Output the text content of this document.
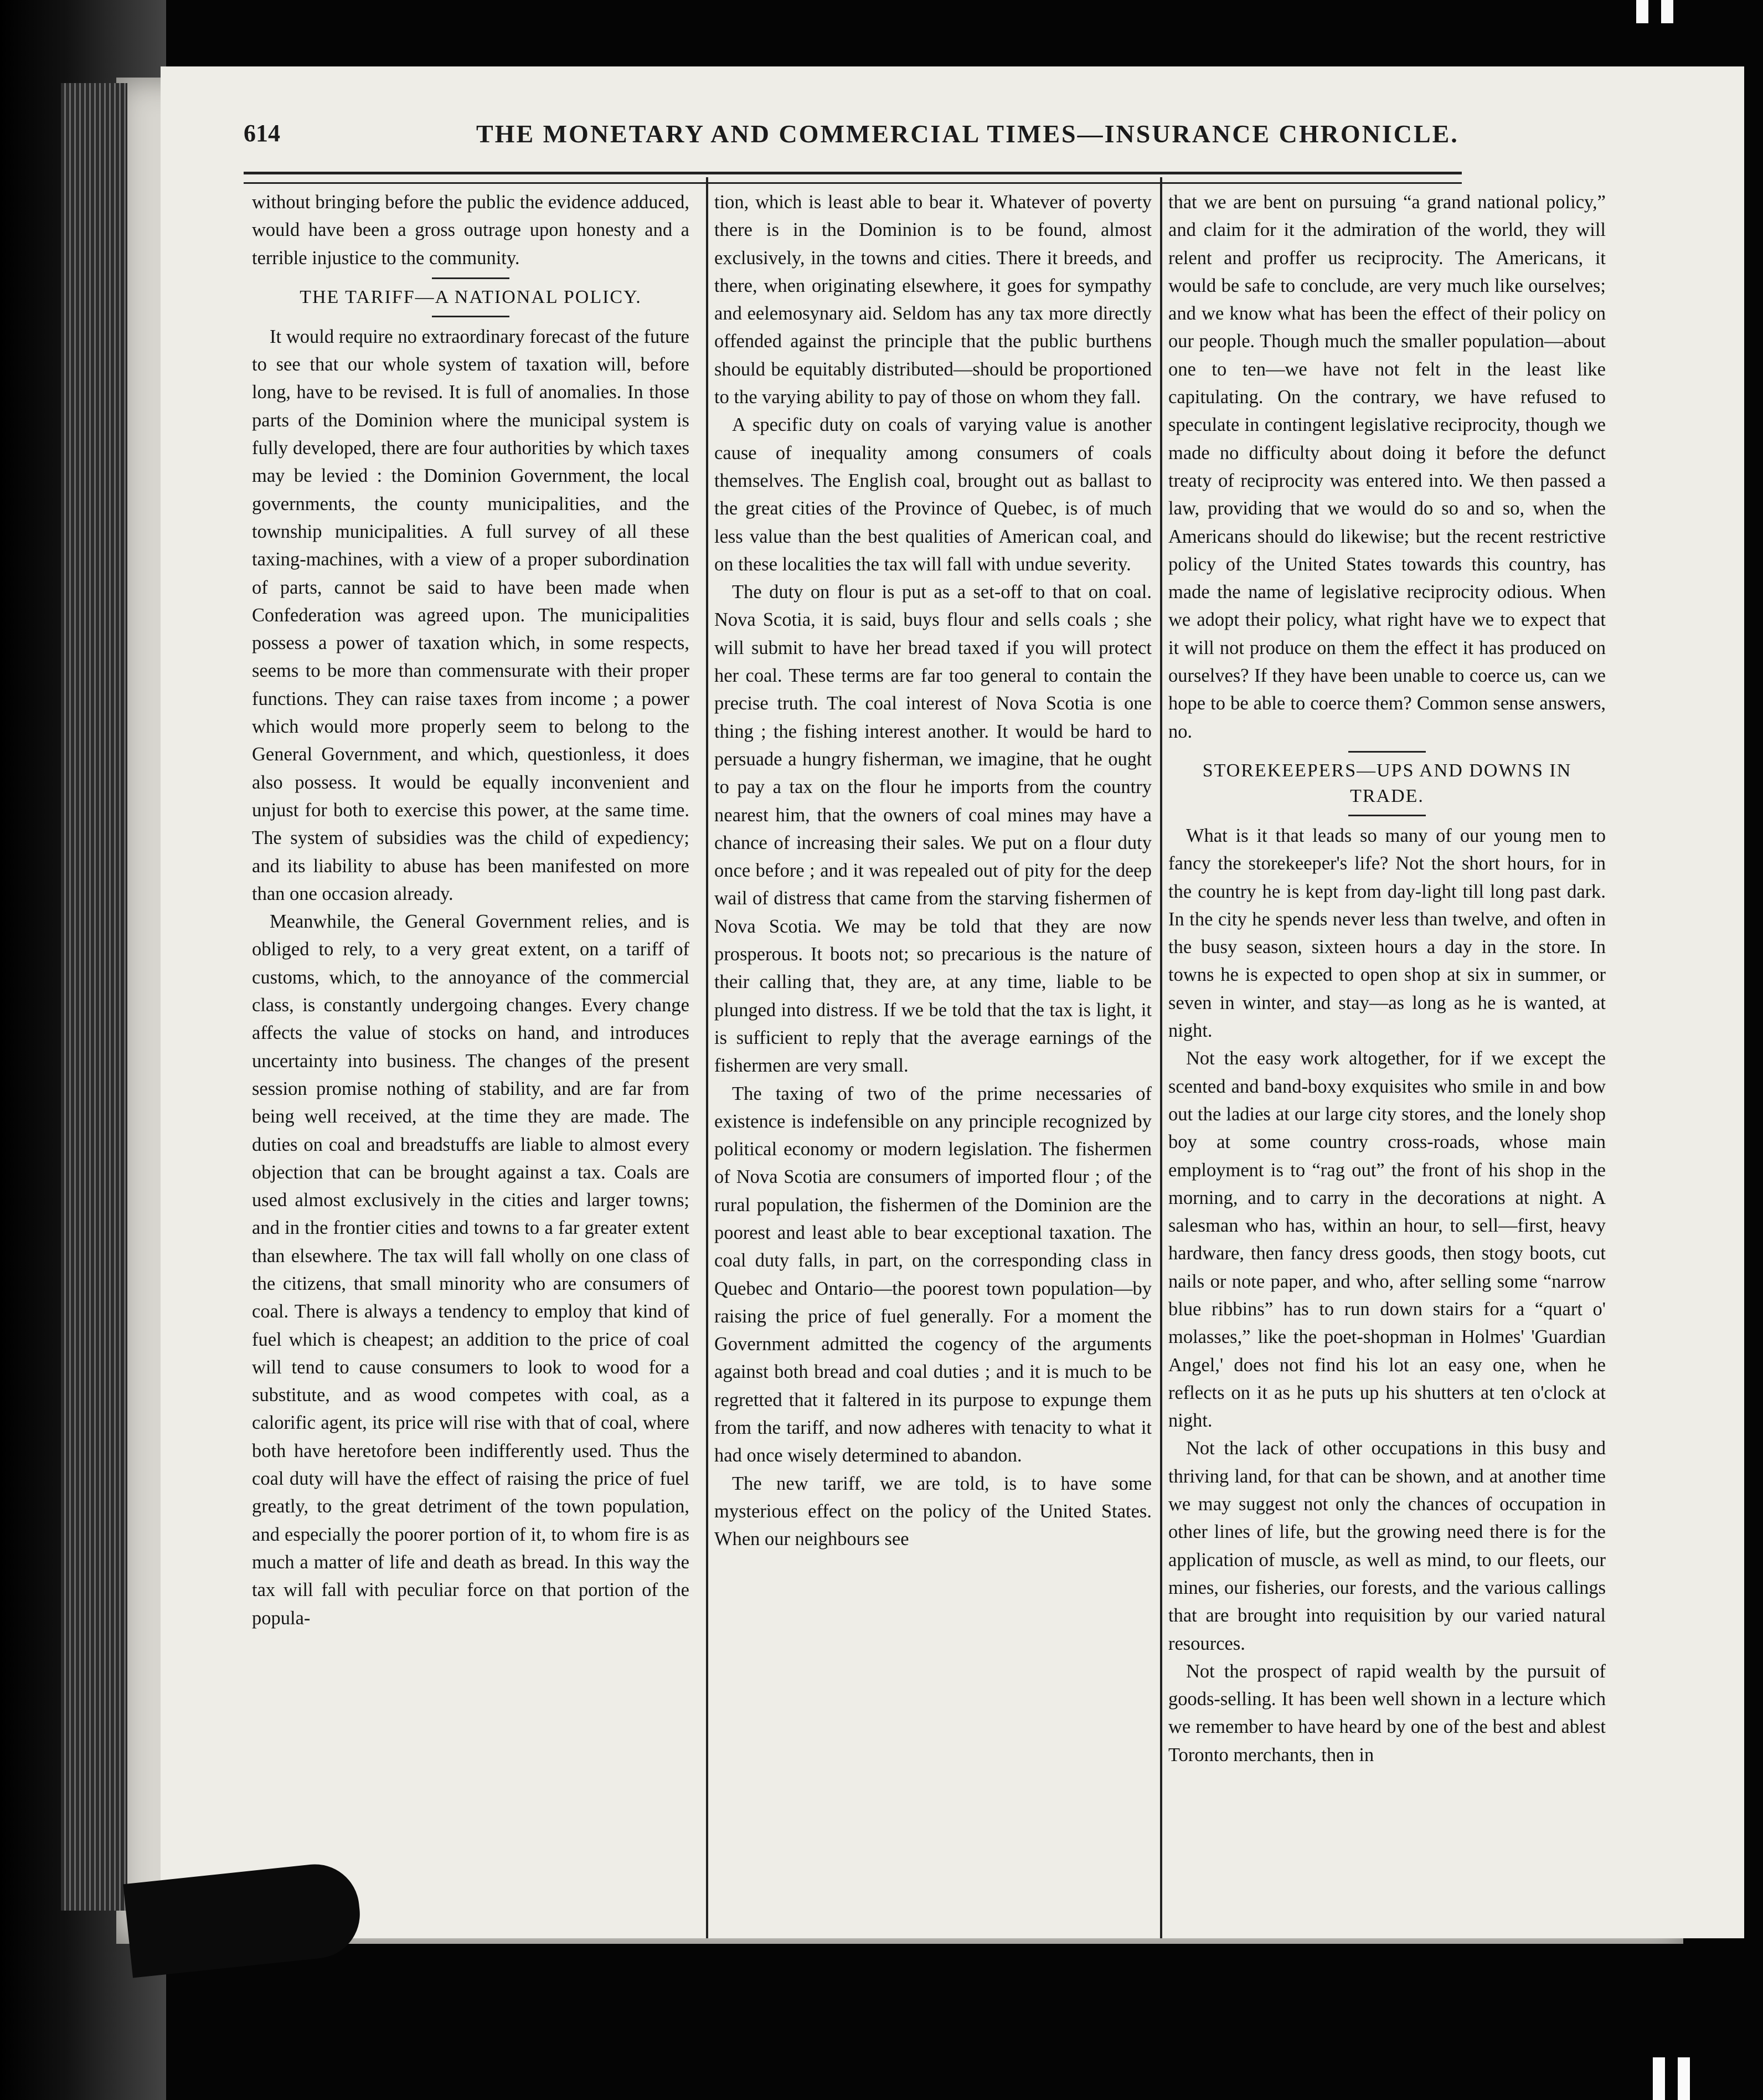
614	THE MONETARY AND COMMERCIAL TIMES—INSURANCE CHRONICLE.

without bringing before the public the evidence adduced, would have been a gross outrage upon honesty and a terrible injustice to the community.

THE TARIFF—A NATIONAL POLICY.

It would require no extraordinary forecast of the future to see that our whole system of taxation will, before long, have to be revised. It is full of anomalies. In those parts of the Dominion where the municipal system is fully developed, there are four authorities by which taxes may be levied : the Dominion Government, the local governments, the county municipalities, and the township municipalities. A full survey of all these taxing-machines, with a view of a proper subordination of parts, cannot be said to have been made when Confederation was agreed upon. The municipalities possess a power of taxation which, in some respects, seems to be more than commensurate with their proper functions. They can raise taxes from income ; a power which would more properly seem to belong to the General Government, and which, questionless, it does also possess. It would be equally inconvenient and unjust for both to exercise this power, at the same time. The system of subsidies was the child of expediency; and its liability to abuse has been manifested on more than one occasion already.

Meanwhile, the General Government relies, and is obliged to rely, to a very great extent, on a tariff of customs, which, to the annoyance of the commercial class, is constantly undergoing changes. Every change affects the value of stocks on hand, and introduces uncertainty into business. The changes of the present session promise nothing of stability, and are far from being well received, at the time they are made. The duties on coal and breadstuffs are liable to almost every objection that can be brought against a tax. Coals are used almost exclusively in the cities and larger towns; and in the frontier cities and towns to a far greater extent than elsewhere. The tax will fall wholly on one class of the citizens, that small minority who are consumers of coal. There is always a tendency to employ that kind of fuel which is cheapest; an addition to the price of coal will tend to cause consumers to look to wood for a substitute, and as wood competes with coal, as a calorific agent, its price will rise with that of coal, where both have heretofore been indifferently used. Thus the coal duty will have the effect of raising the price of fuel greatly, to the great detriment of the town population, and especially the poorer portion of it, to whom fire is as much a matter of life and death as bread. In this way the tax will fall with peculiar force on that portion of the popula-

tion, which is least able to bear it. Whatever of poverty there is in the Dominion is to be found, almost exclusively, in the towns and cities. There it breeds, and there, when originating elsewhere, it goes for sympathy and eelemosynary aid. Seldom has any tax more directly offended against the principle that the public burthens should be equitably distributed—should be proportioned to the varying ability to pay of those on whom they fall.

A specific duty on coals of varying value is another cause of inequality among consumers of coals themselves. The English coal, brought out as ballast to the great cities of the Province of Quebec, is of much less value than the best qualities of American coal, and on these localities the tax will fall with undue severity.

The duty on flour is put as a set-off to that on coal. Nova Scotia, it is said, buys flour and sells coals ; she will submit to have her bread taxed if you will protect her coal. These terms are far too general to contain the precise truth. The coal interest of Nova Scotia is one thing ; the fishing interest another. It would be hard to persuade a hungry fisherman, we imagine, that he ought to pay a tax on the flour he imports from the country nearest him, that the owners of coal mines may have a chance of increasing their sales. We put on a flour duty once before ; and it was repealed out of pity for the deep wail of distress that came from the starving fishermen of Nova Scotia. We may be told that they are now prosperous. It boots not; so precarious is the nature of their calling that, they are, at any time, liable to be plunged into distress. If we be told that the tax is light, it is sufficient to reply that the average earnings of the fishermen are very small.

The taxing of two of the prime necessaries of existence is indefensible on any principle recognized by political economy or modern legislation. The fishermen of Nova Scotia are consumers of imported flour ; of the rural population, the fishermen of the Dominion are the poorest and least able to bear exceptional taxation. The coal duty falls, in part, on the corresponding class in Quebec and Ontario—the poorest town population—by raising the price of fuel generally. For a moment the Government admitted the cogency of the arguments against both bread and coal duties ; and it is much to be regretted that it faltered in its purpose to expunge them from the tariff, and now adheres with tenacity to what it had once wisely determined to abandon.

The new tariff, we are told, is to have some mysterious effect on the policy of the United States. When our neighbours see

that we are bent on pursuing “a grand national policy,” and claim for it the admiration of the world, they will relent and proffer us reciprocity. The Americans, it would be safe to conclude, are very much like ourselves; and we know what has been the effect of their policy on our people. Though much the smaller population—about one to ten—we have not felt in the least like capitulating. On the contrary, we have refused to speculate in contingent legislative reciprocity, though we made no difficulty about doing it before the defunct treaty of reciprocity was entered into. We then passed a law, providing that we would do so and so, when the Americans should do likewise; but the recent restrictive policy of the United States towards this country, has made the name of legislative reciprocity odious. When we adopt their policy, what right have we to expect that it will not produce on them the effect it has produced on ourselves? If they have been unable to coerce us, can we hope to be able to coerce them? Common sense answers, no.

STOREKEEPERS—UPS AND DOWNS IN TRADE.

What is it that leads so many of our young men to fancy the storekeeper's life? Not the short hours, for in the country he is kept from day-light till long past dark. In the city he spends never less than twelve, and often in the busy season, sixteen hours a day in the store. In towns he is expected to open shop at six in summer, or seven in winter, and stay—as long as he is wanted, at night.

Not the easy work altogether, for if we except the scented and band-boxy exquisites who smile in and bow out the ladies at our large city stores, and the lonely shop boy at some country cross-roads, whose main employment is to “rag out” the front of his shop in the morning, and to carry in the decorations at night. A salesman who has, within an hour, to sell—first, heavy hardware, then fancy dress goods, then stogy boots, cut nails or note paper, and who, after selling some “narrow blue ribbins” has to run down stairs for a “quart o' molasses,” like the poet-shopman in Holmes' 'Guardian Angel,' does not find his lot an easy one, when he reflects on it as he puts up his shutters at ten o'clock at night.

Not the lack of other occupations in this busy and thriving land, for that can be shown, and at another time we may suggest not only the chances of occupation in other lines of life, but the growing need there is for the application of muscle, as well as mind, to our fleets, our mines, our fisheries, our forests, and the various callings that are brought into requisition by our varied natural resources.

Not the prospect of rapid wealth by the pursuit of goods-selling. It has been well shown in a lecture which we remember to have heard by one of the best and ablest Toronto merchants, then in
